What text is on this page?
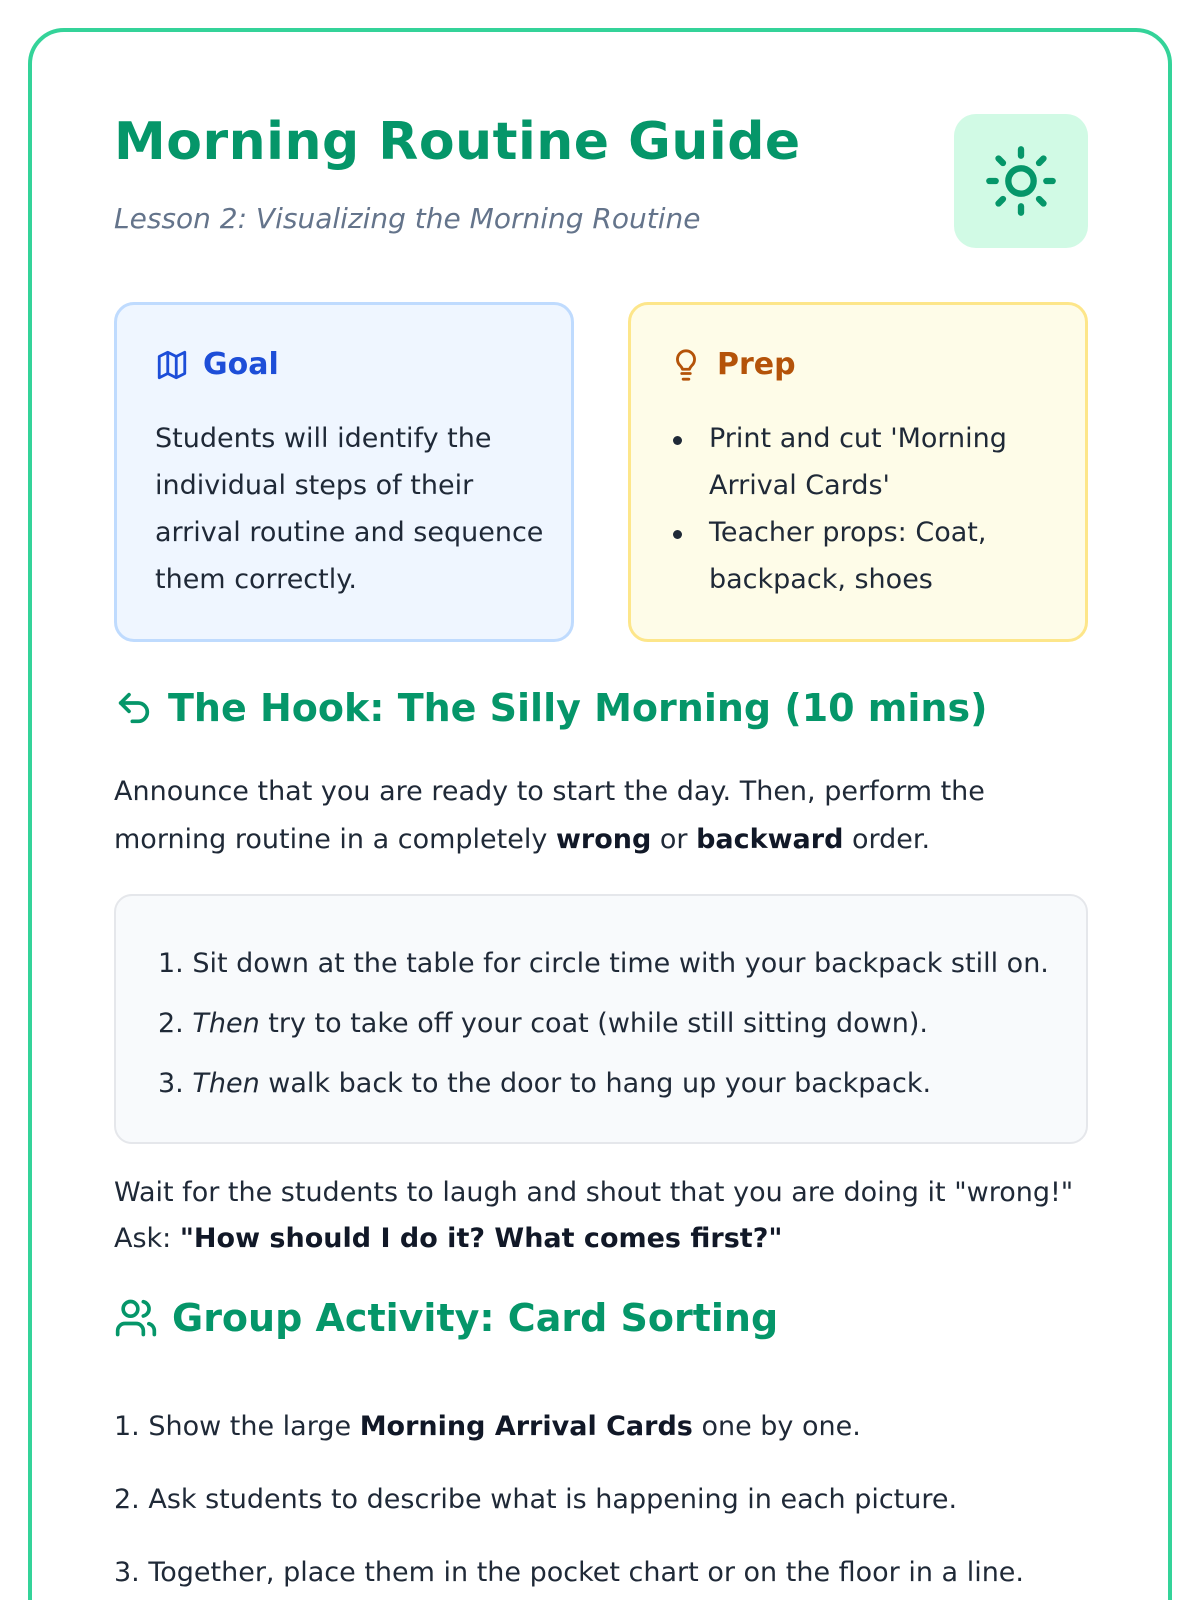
Morning Routine Guide
Lesson 2: Visualizing the Morning Routine
Goal

Students will identify the individual steps of their arrival routine and sequence them correctly.

Prep
Print and cut 'Morning Arrival Cards'
Teacher props: Coat, backpack, shoes
The Hook: The Silly Morning (10 mins)

Announce that you are ready to start the day. Then, perform the morning routine in a completely wrong or backward order.

1. Sit down at the table for circle time with your backpack still on.
2. Then try to take off your coat (while still sitting down).
3. Then walk back to the door to hang up your backpack.

Wait for the students to laugh and shout that you are doing it "wrong!" Ask: "How should I do it? What comes first?"

Group Activity: Card Sorting
1. Show the large Morning Arrival Cards one by one.
2. Ask students to describe what is happening in each picture.
3. Together, place them in the pocket chart or on the floor in a line.
